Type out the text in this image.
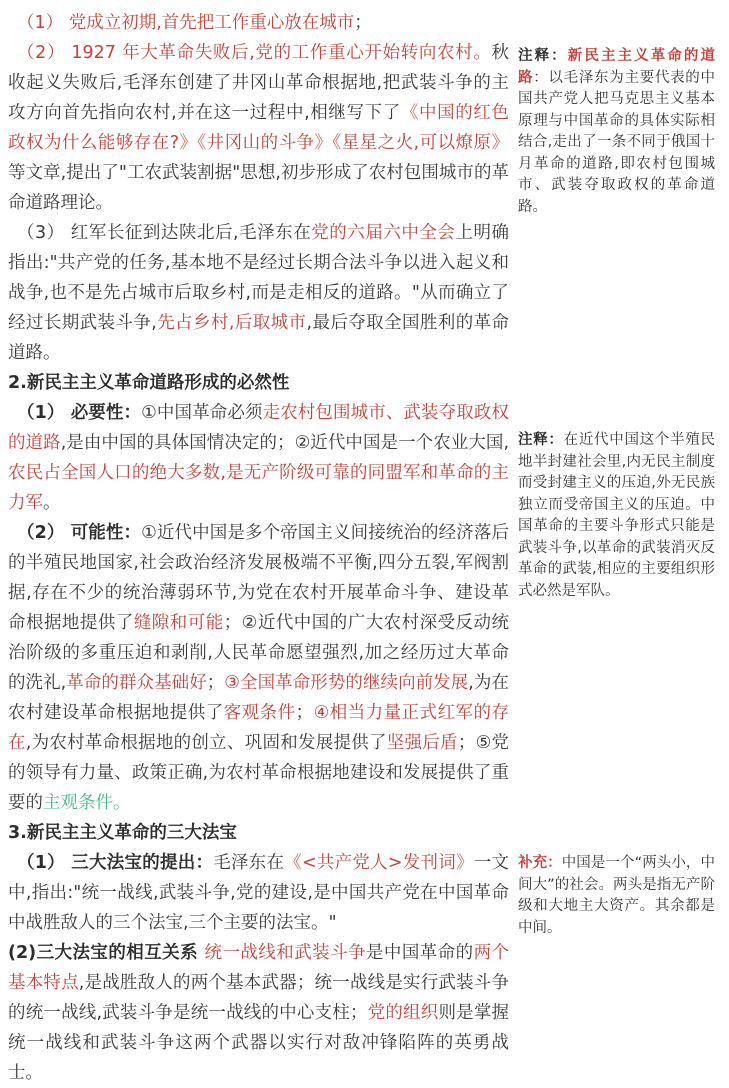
（1） 党成立初期,首先把工作重心放在城市；

（2） 1927 年大革命失败后,党的工作重心开始转向农村。秋收起义失败后,毛泽东创建了井冈山革命根据地,把武装斗争的主攻方向首先指向农村,并在这一过程中,相继写下了《中国的红色政权为什么能够存在?》《井冈山的斗争》《星星之火,可以燎原》等文章,提出了"工农武装割据"思想,初步形成了农村包围城市的革命道路理论。

（3） 红军长征到达陕北后,毛泽东在党的六届六中全会上明确指出:"共产党的任务,基本地不是经过长期合法斗争以进入起义和战争,也不是先占城市后取乡村,而是走相反的道路。"从而确立了经过长期武装斗争,先占乡村,后取城市,最后夺取全国胜利的革命道路。

2.新民主主义革命道路形成的必然性

（1） 必要性：①中国革命必须走农村包围城市、武装夺取政权的道路,是由中国的具体国情决定的；②近代中国是一个农业大国,农民占全国人口的绝大多数,是无产阶级可靠的同盟军和革命的主力军。

（2） 可能性：①近代中国是多个帝国主义间接统治的经济落后的半殖民地国家,社会政治经济发展极端不平衡,四分五裂,军阀割据,存在不少的统治薄弱环节,为党在农村开展革命斗争、建设革命根据地提供了缝隙和可能；②近代中国的广大农村深受反动统治阶级的多重压迫和剥削,人民革命愿望强烈,加之经历过大革命的洗礼,革命的群众基础好；③全国革命形势的继续向前发展,为在农村建设革命根据地提供了客观条件；④相当力量正式红军的存在,为农村革命根据地的创立、巩固和发展提供了坚强后盾；⑤党的领导有力量、政策正确,为农村革命根据地建设和发展提供了重要的主观条件。

3.新民主主义革命的三大法宝

（1） 三大法宝的提出：毛泽东在《<共产党人>发刊词》一文中,指出:"统一战线,武装斗争,党的建设,是中国共产党在中国革命中战胜敌人的三个法宝,三个主要的法宝。"

(2)三大法宝的相互关系 统一战线和武装斗争是中国革命的两个基本特点,是战胜敌人的两个基本武器；统一战线是实行武装斗争的统一战线,武装斗争是统一战线的中心支柱；党的组织则是掌握统一战线和武装斗争这两个武器以实行对敌冲锋陷阵的英勇战士。

注释：新民主主义革命的道路：以毛泽东为主要代表的中国共产党人把马克思主义基本原理与中国革命的具体实际相结合,走出了一条不同于俄国十月革命的道路,即农村包围城市、武装夺取政权的革命道路。
注释：在近代中国这个半殖民地半封建社会里,内无民主制度而受封建主义的压迫,外无民族独立而受帝国主义的压迫。中国革命的主要斗争形式只能是武装斗争,以革命的武装消灭反革命的武装,相应的主要组织形式必然是军队。
补充：中国是一个“两头小，中间大”的社会。两头是指无产阶级和大地主大资产。其余都是中间。
